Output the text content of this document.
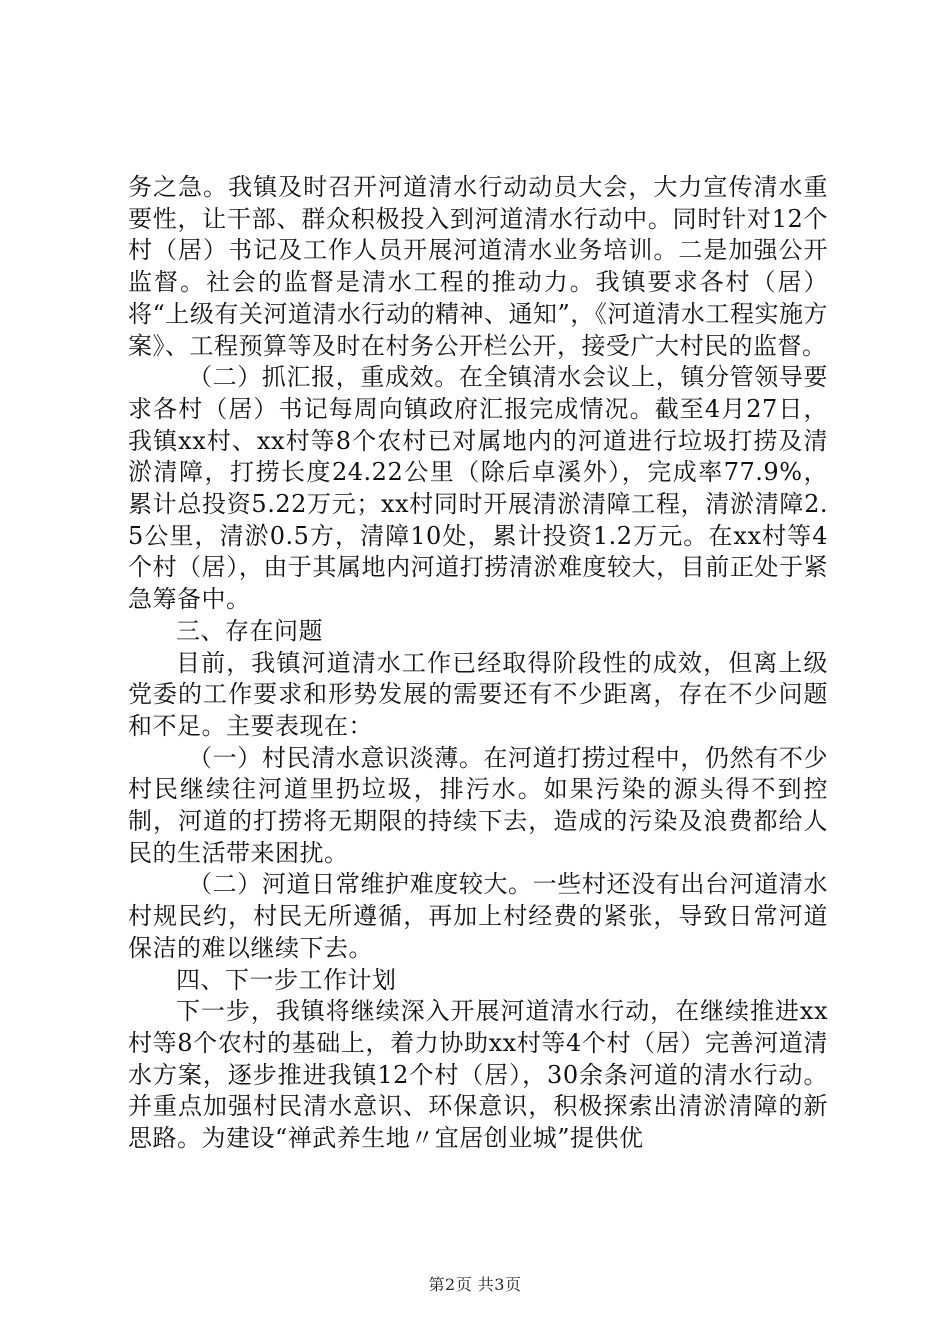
务之急。我镇及时召开河道清水行动动员大会，大力宣传清水重要性，让干部、群众积极投入到河道清水行动中。同时针对12个村（居）书记及工作人员开展河道清水业务培训。二是加强公开监督。社会的监督是清水工程的推动力。我镇要求各村（居）将“上级有关河道清水行动的精神、通知”，《河道清水工程实施方案》、工程预算等及时在村务公开栏公开，接受广大村民的监督。

（二）抓汇报，重成效。在全镇清水会议上，镇分管领导要求各村（居）书记每周向镇政府汇报完成情况。截至4月27日，我镇xx村、xx村等8个农村已对属地内的河道进行垃圾打捞及清淤清障，打捞长度24.22公里（除后卓溪外），完成率77.9%，累计总投资5.22万元；xx村同时开展清淤清障工程，清淤清障2.5公里，清淤0.5方，清障10处，累计投资1.2万元。在xx村等4个村（居），由于其属地内河道打捞清淤难度较大，目前正处于紧急筹备中。

三、存在问题

目前，我镇河道清水工作已经取得阶段性的成效，但离上级党委的工作要求和形势发展的需要还有不少距离，存在不少问题和不足。主要表现在：

（一）村民清水意识淡薄。在河道打捞过程中，仍然有不少村民继续往河道里扔垃圾，排污水。如果污染的源头得不到控制，河道的打捞将无期限的持续下去，造成的污染及浪费都给人民的生活带来困扰。

（二）河道日常维护难度较大。一些村还没有出台河道清水村规民约，村民无所遵循，再加上村经费的紧张，导致日常河道保洁的难以继续下去。

四、下一步工作计划

下一步，我镇将继续深入开展河道清水行动，在继续推进xx村等8个农村的基础上，着力协助xx村等4个村（居）完善河道清水方案，逐步推进我镇12个村（居），30余条河道的清水行动。并重点加强村民清水意识、环保意识，积极探索出清淤清障的新思路。为建设“禅武养生地〃宜居创业城”提供优

第2页 共3页
